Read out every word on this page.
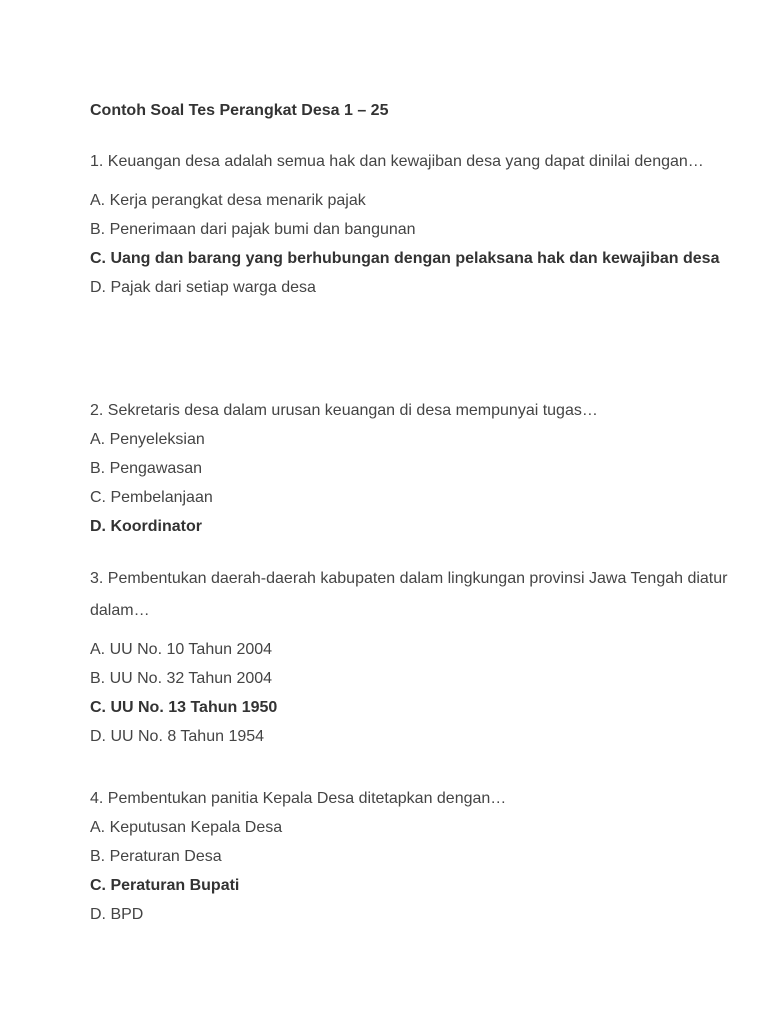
Contoh Soal Tes Perangkat Desa 1 – 25

1. Keuangan desa adalah semua hak dan kewajiban desa yang dapat dinilai dengan…

A. Kerja perangkat desa menarik pajak
B. Penerimaan dari pajak bumi dan bangunan
C. Uang dan barang yang berhubungan dengan pelaksana hak dan kewajiban desa
D. Pajak dari setiap warga desa

2. Sekretaris desa dalam urusan keuangan di desa mempunyai tugas…

A. Penyeleksian
B. Pengawasan
C. Pembelanjaan
D. Koordinator

3. Pembentukan daerah-daerah kabupaten dalam lingkungan provinsi Jawa Tengah diatur dalam…

A. UU No. 10 Tahun 2004
B. UU No. 32 Tahun 2004
C. UU No. 13 Tahun 1950
D. UU No. 8 Tahun 1954

4. Pembentukan panitia Kepala Desa ditetapkan dengan…

A. Keputusan Kepala Desa
B. Peraturan Desa
C. Peraturan Bupati
D. BPD
